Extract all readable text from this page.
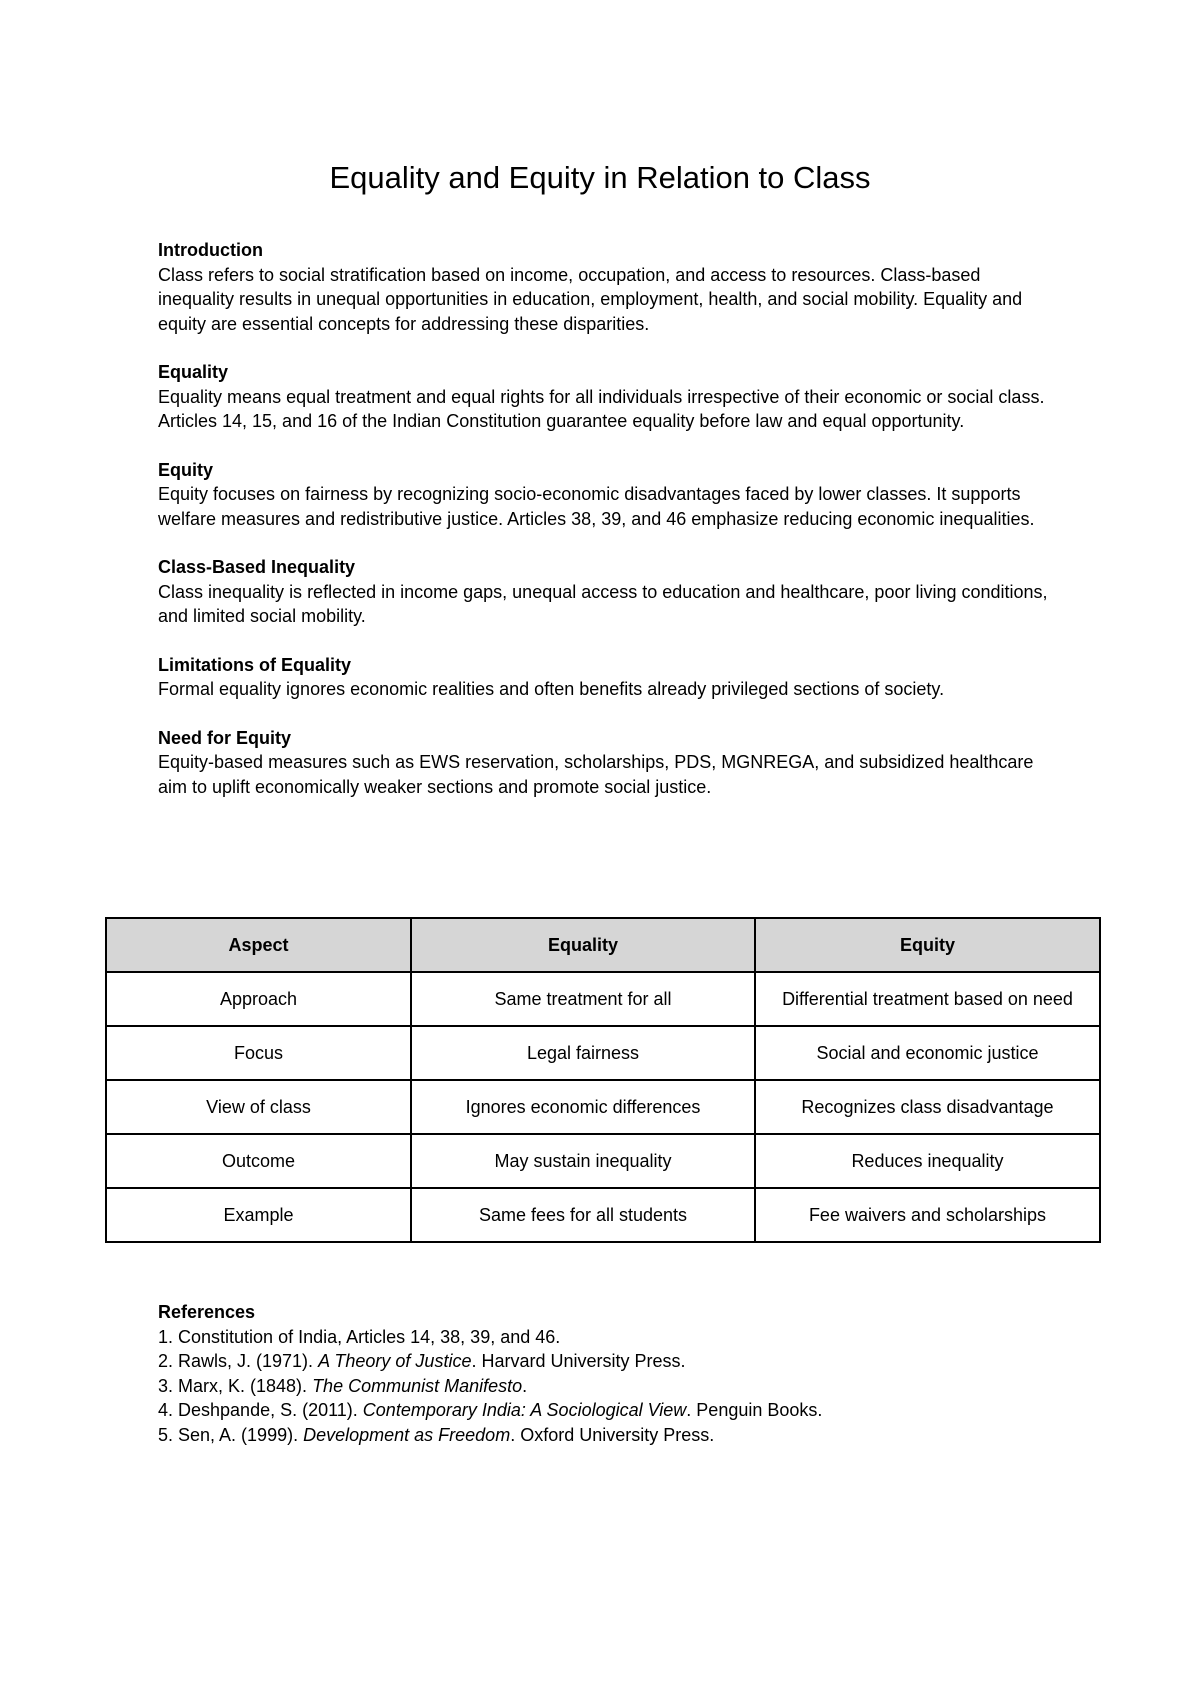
Equality and Equity in Relation to Class
Introduction

Class refers to social stratification based on income, occupation, and access to resources. Class-based inequality results in unequal opportunities in education, employment, health, and social mobility. Equality and equity are essential concepts for addressing these disparities.

Equality

Equality means equal treatment and equal rights for all individuals irrespective of their economic or social class. Articles 14, 15, and 16 of the Indian Constitution guarantee equality before law and equal opportunity.

Equity

Equity focuses on fairness by recognizing socio-economic disadvantages faced by lower classes. It supports welfare measures and redistributive justice. Articles 38, 39, and 46 emphasize reducing economic inequalities.

Class-Based Inequality

Class inequality is reflected in income gaps, unequal access to education and healthcare, poor living conditions, and limited social mobility.

Limitations of Equality

Formal equality ignores economic realities and often benefits already privileged sections of society.

Need for Equity

Equity-based measures such as EWS reservation, scholarships, PDS, MGNREGA, and subsidized healthcare aim to uplift economically weaker sections and promote social justice.

Aspect	Equality	Equity
Approach	Same treatment for all	Differential treatment based on need
Focus	Legal fairness	Social and economic justice
View of class	Ignores economic differences	Recognizes class disadvantage
Outcome	May sustain inequality	Reduces inequality
Example	Same fees for all students	Fee waivers and scholarships
References
1. Constitution of India, Articles 14, 38, 39, and 46.
2. Rawls, J. (1971). A Theory of Justice. Harvard University Press.
3. Marx, K. (1848). The Communist Manifesto.
4. Deshpande, S. (2011). Contemporary India: A Sociological View. Penguin Books.
5. Sen, A. (1999). Development as Freedom. Oxford University Press.
